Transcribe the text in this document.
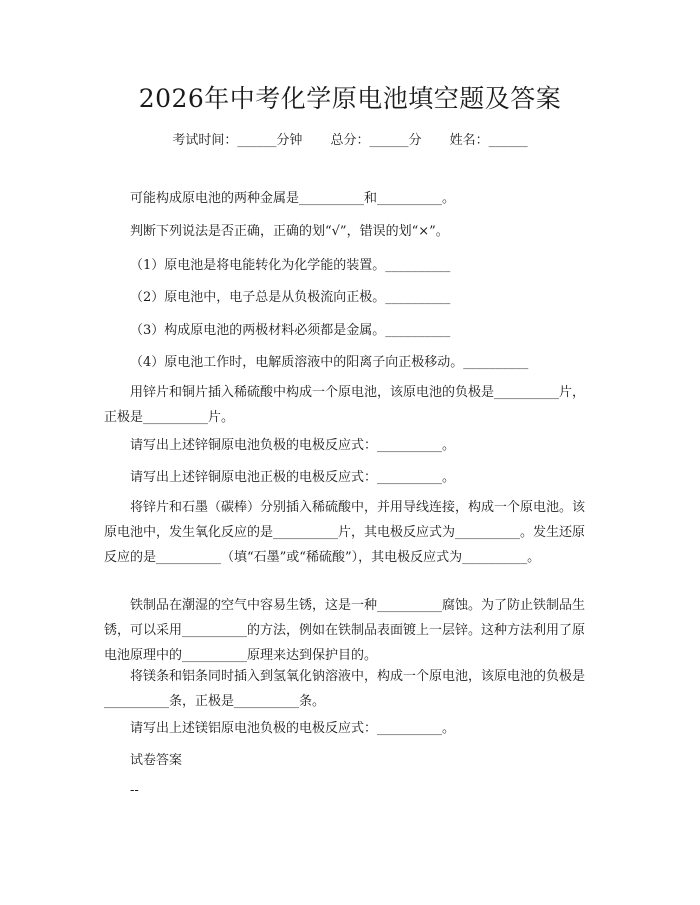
2026年中考化学原电池填空题及答案
考试时间：______分钟 总分：______分 姓名：______

可能构成原电池的两种金属是__________和__________。

判断下列说法是否正确，正确的划“√”，错误的划“×”。

（1）原电池是将电能转化为化学能的装置。__________

（2）原电池中，电子总是从负极流向正极。__________

（3）构成原电池的两极材料必须都是金属。__________

（4）原电池工作时，电解质溶液中的阳离子向正极移动。__________

用锌片和铜片插入稀硫酸中构成一个原电池，该原电池的负极是__________片，正极是__________片。

请写出上述锌铜原电池负极的电极反应式：__________。

请写出上述锌铜原电池正极的电极反应式：__________。

将锌片和石墨（碳棒）分别插入稀硫酸中，并用导线连接，构成一个原电池。该原电池中，发生氧化反应的是__________片，其电极反应式为__________。发生还原反应的是__________（填“石墨”或“稀硫酸”），其电极反应式为__________。

铁制品在潮湿的空气中容易生锈，这是一种__________腐蚀。为了防止铁制品生锈，可以采用__________的方法，例如在铁制品表面镀上一层锌。这种方法利用了原电池原理中的__________原理来达到保护目的。

将镁条和铝条同时插入到氢氧化钠溶液中，构成一个原电池，该原电池的负极是__________条，正极是__________条。

请写出上述镁铝原电池负极的电极反应式：__________。

试卷答案

--
